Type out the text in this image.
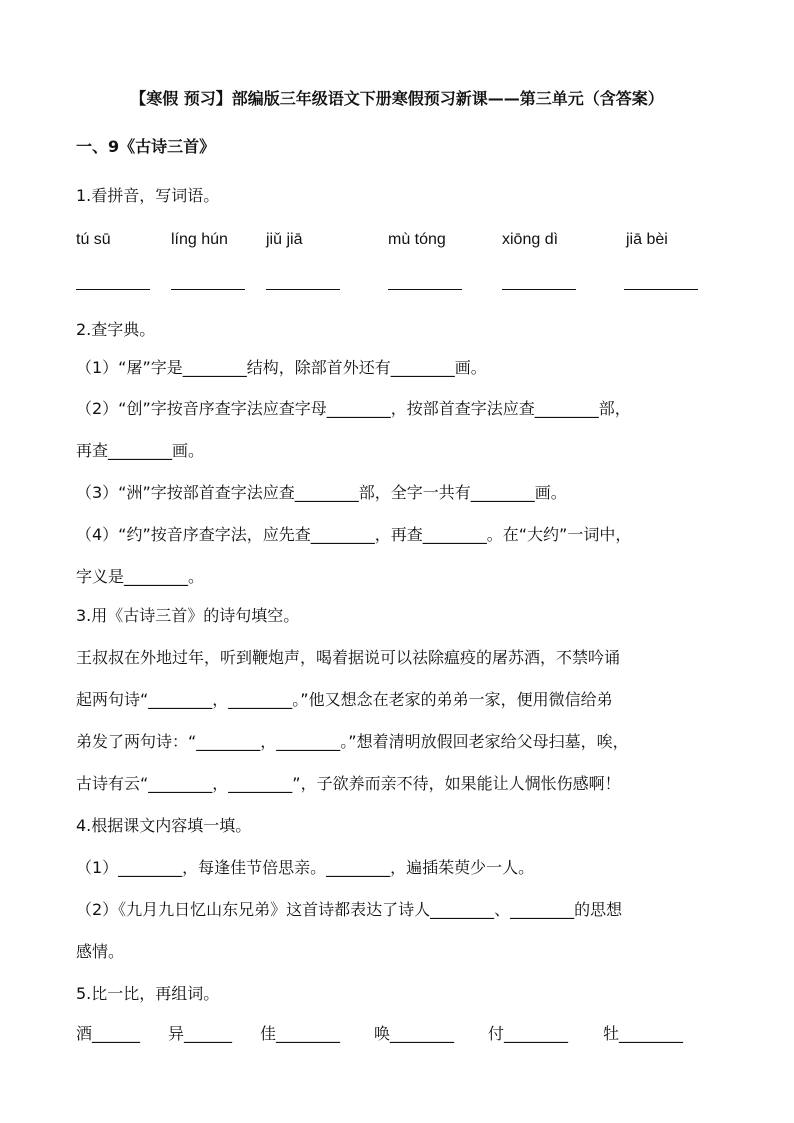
【寒假 预习】部编版三年级语文下册寒假预习新课——第三单元（含答案）
一、9《古诗三首》
1.看拼音，写词语。
tú sū	líng hún jiǔ jiā	mù tóng	xiōng dì	jiā bèi
2.查字典。
（1）“屠”字是________结构，除部首外还有________画。
（2）“创”字按音序查字法应查字母________，按部首查字法应查________部，
再查________画。
（3）“洲”字按部首查字法应查________部，全字一共有________画。
（4）“约”按音序查字法，应先查________，再查________。在“大约”一词中，
字义是________。
3.用《古诗三首》的诗句填空。
王叔叔在外地过年，听到鞭炮声，喝着据说可以祛除瘟疫的屠苏酒，不禁吟诵
起两句诗“________，________。”他又想念在老家的弟弟一家，便用微信给弟
弟发了两句诗：“________，________。”想着清明放假回老家给父母扫墓，唉，
古诗有云“________，________”，子欲养而亲不待，如果能让人惆怅伤感啊！
4.根据课文内容填一填。
（1）________，每逢佳节倍思亲。________，遍插茱萸少一人。
（2）《九月九日忆山东兄弟》这首诗都表达了诗人________、________的思想
感情。
5.比一比，再组词。
酒______ 异______ 佳________ 唤________ 付________ 牡________
